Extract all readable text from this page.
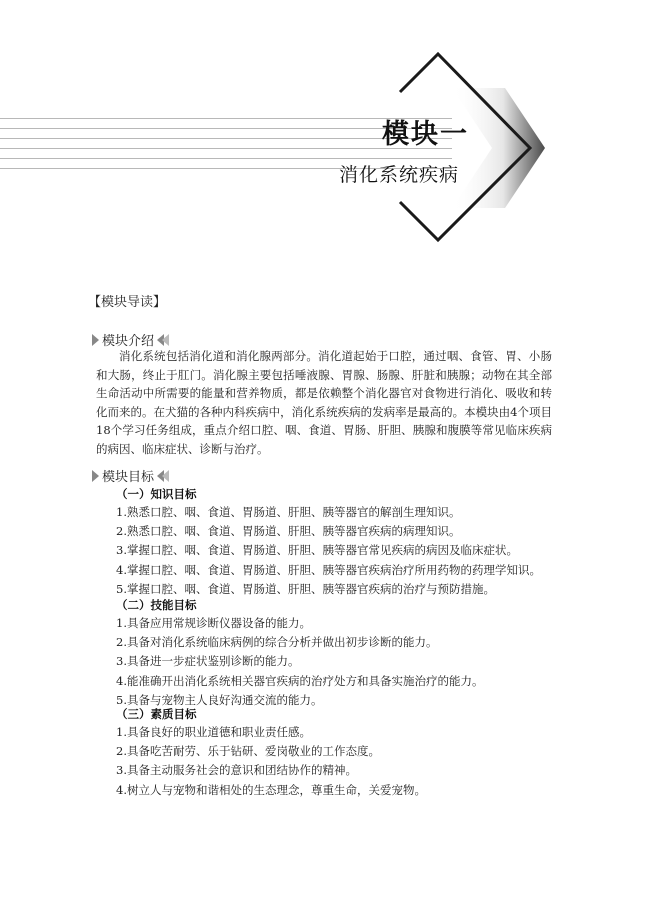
模块一
消化系统疾病
【模块导读】
模块介绍

消化系统包括消化道和消化腺两部分。消化道起始于口腔，通过咽、食管、胃、小肠和大肠，终止于肛门。消化腺主要包括唾液腺、胃腺、肠腺、肝脏和胰腺；动物在其全部生命活动中所需要的能量和营养物质，都是依赖整个消化器官对食物进行消化、吸收和转化而来的。在犬猫的各种内科疾病中，消化系统疾病的发病率是最高的。本模块由4个项目18个学习任务组成，重点介绍口腔、咽、食道、胃肠、肝胆、胰腺和腹膜等常见临床疾病的病因、临床症状、诊断与治疗。

模块目标
（一）知识目标
1.熟悉口腔、咽、食道、胃肠道、肝胆、胰等器官的解剖生理知识。
2.熟悉口腔、咽、食道、胃肠道、肝胆、胰等器官疾病的病理知识。
3.掌握口腔、咽、食道、胃肠道、肝胆、胰等器官常见疾病的病因及临床症状。
4.掌握口腔、咽、食道、胃肠道、肝胆、胰等器官疾病治疗所用药物的药理学知识。
5.掌握口腔、咽、食道、胃肠道、肝胆、胰等器官疾病的治疗与预防措施。
（二）技能目标
1.具备应用常规诊断仪器设备的能力。
2.具备对消化系统临床病例的综合分析并做出初步诊断的能力。
3.具备进一步症状鉴别诊断的能力。
4.能准确开出消化系统相关器官疾病的治疗处方和具备实施治疗的能力。
5.具备与宠物主人良好沟通交流的能力。
（三）素质目标
1.具备良好的职业道德和职业责任感。
2.具备吃苦耐劳、乐于钻研、爱岗敬业的工作态度。
3.具备主动服务社会的意识和团结协作的精神。
4.树立人与宠物和谐相处的生态理念，尊重生命，关爱宠物。
